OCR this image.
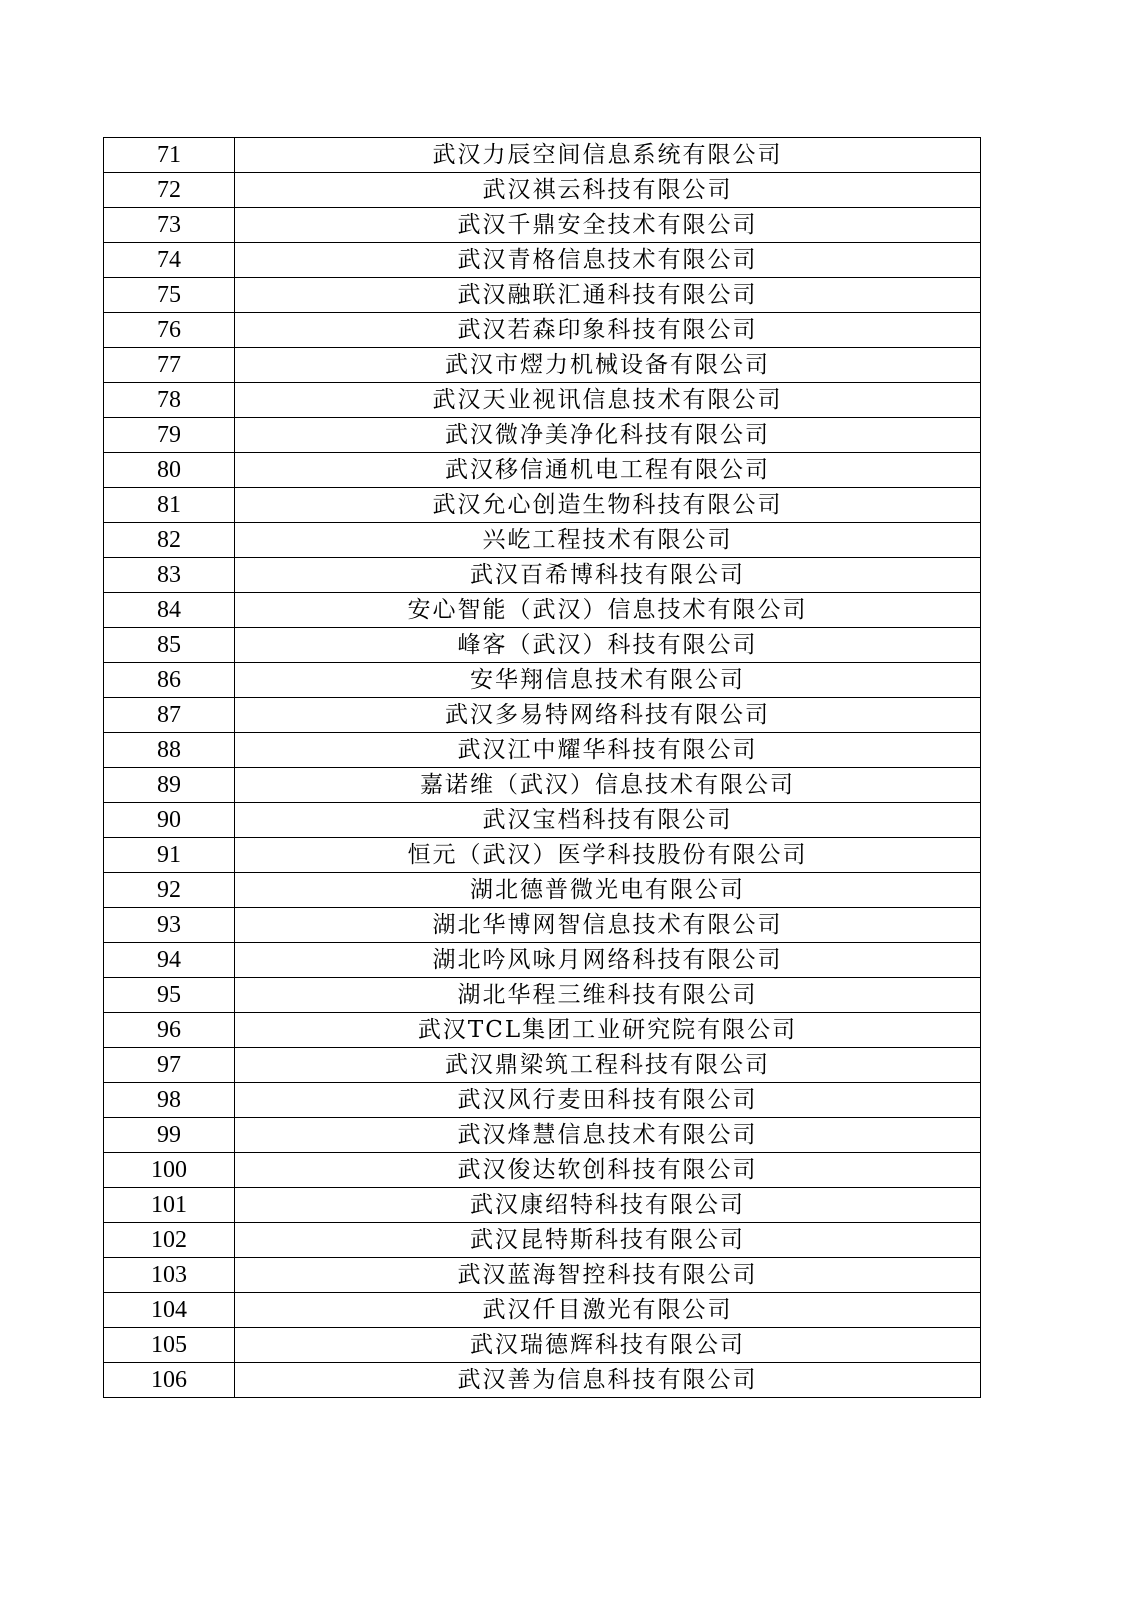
71	武汉力辰空间信息系统有限公司
72	武汉祺云科技有限公司
73	武汉千鼎安全技术有限公司
74	武汉青格信息技术有限公司
75	武汉融联汇通科技有限公司
76	武汉若森印象科技有限公司
77	武汉市熤力机械设备有限公司
78	武汉天业视讯信息技术有限公司
79	武汉微净美净化科技有限公司
80	武汉移信通机电工程有限公司
81	武汉允心创造生物科技有限公司
82	兴屹工程技术有限公司
83	武汉百希博科技有限公司
84	安心智能（武汉）信息技术有限公司
85	峰客（武汉）科技有限公司
86	安华翔信息技术有限公司
87	武汉多易特网络科技有限公司
88	武汉江中耀华科技有限公司
89	嘉诺维（武汉）信息技术有限公司
90	武汉宝档科技有限公司
91	恒元（武汉）医学科技股份有限公司
92	湖北德普微光电有限公司
93	湖北华博网智信息技术有限公司
94	湖北吟风咏月网络科技有限公司
95	湖北华程三维科技有限公司
96	武汉TCL集团工业研究院有限公司
97	武汉鼎梁筑工程科技有限公司
98	武汉风行麦田科技有限公司
99	武汉烽慧信息技术有限公司
100	武汉俊达软创科技有限公司
101	武汉康绍特科技有限公司
102	武汉昆特斯科技有限公司
103	武汉蓝海智控科技有限公司
104	武汉仟目激光有限公司
105	武汉瑞德辉科技有限公司
106	武汉善为信息科技有限公司
